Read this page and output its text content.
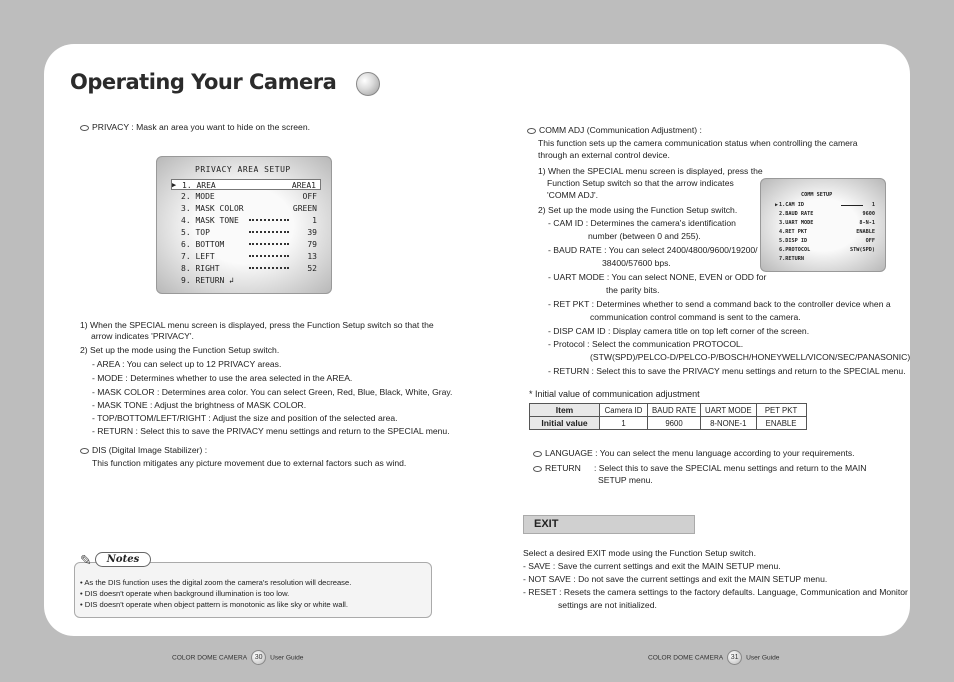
Operating Your Camera
PRIVACY : Mask an area you want to hide on the screen.
PRIVACY AREA SETUP
▶ 1. AREA	AREA1
2. MODE	OFF
3. MASK COLOR	GREEN
4. MASK TONE	1
5. TOP	39
6. BOTTOM	79
7. LEFT	13
8. RIGHT	52
9. RETURN ↲
1) When the SPECIAL menu screen is displayed, press the Function Setup switch so that the
arrow indicates 'PRIVACY'.
2) Set up the mode using the Function Setup switch.
- AREA : You can select up to 12 PRIVACY areas.
- MODE : Determines whether to use the area selected in the AREA.
- MASK COLOR : Determines area color. You can select Green, Red, Blue, Black, White, Gray.
- MASK TONE : Adjust the brightness of MASK COLOR.
- TOP/BOTTOM/LEFT/RIGHT : Adjust the size and position of the selected area.
- RETURN : Select this to save the PRIVACY menu settings and return to the SPECIAL menu.
DIS (Digital Image Stabilizer) :
This function mitigates any picture movement due to external factors such as wind.
✎	Notes
• As the DIS function uses the digital zoom the camera's resolution will decrease.
• DIS doesn't operate when background illumination is too low.
• DIS doesn't operate when object pattern is monotonic as like sky or white wall.
COLOR DOME CAMERA 30 User Guide
COMM ADJ (Communication Adjustment) :
This function sets up the camera communication status when controlling the camera
through an external control device.
1) When the SPECIAL menu screen is displayed, press the
Function Setup switch so that the arrow indicates
'COMM ADJ'.
2) Set up the mode using the Function Setup switch.
- CAM ID : Determines the camera's identification
number (between 0 and 255).
- BAUD RATE : You can select 2400/4800/9600/19200/
38400/57600 bps.
- UART MODE : You can select NONE, EVEN or ODD for
the parity bits.
- RET PKT : Determines whether to send a command back to the controller device when a
communication control command is sent to the camera.
- DISP CAM ID : Display camera title on top left corner of the screen.
- Protocol : Select the communication PROTOCOL.
(STW(SPD)/PELCO-D/PELCO-P/BOSCH/HONEYWELL/VICON/SEC/PANASONIC)
- RETURN : Select this to save the PRIVACY menu settings and return to the SPECIAL menu.
COMM SETUP
▶ 1.CAM ID	1
2.BAUD RATE	9600
3.UART MODE	8-N-1
4.RET PKT	ENABLE
5.DISP ID	OFF
6.PROTOCOL	STW(SPD)
7.RETURN
* Initial value of communication adjustment
Item	Camera ID	BAUD RATE	UART MODE	PET PKT
Initial value	1	9600	8-NONE-1	ENABLE
LANGUAGE : You can select the menu language according to your requirements.
RETURN : Select this to save the SPECIAL menu settings and return to the MAIN
SETUP menu.
EXIT
Select a desired EXIT mode using the Function Setup switch.
- SAVE : Save the current settings and exit the MAIN SETUP menu.
- NOT SAVE : Do not save the current settings and exit the MAIN SETUP menu.
- RESET : Resets the camera settings to the factory defaults. Language, Communication and Monitor
settings are not initialized.
COLOR DOME CAMERA 31 User Guide
